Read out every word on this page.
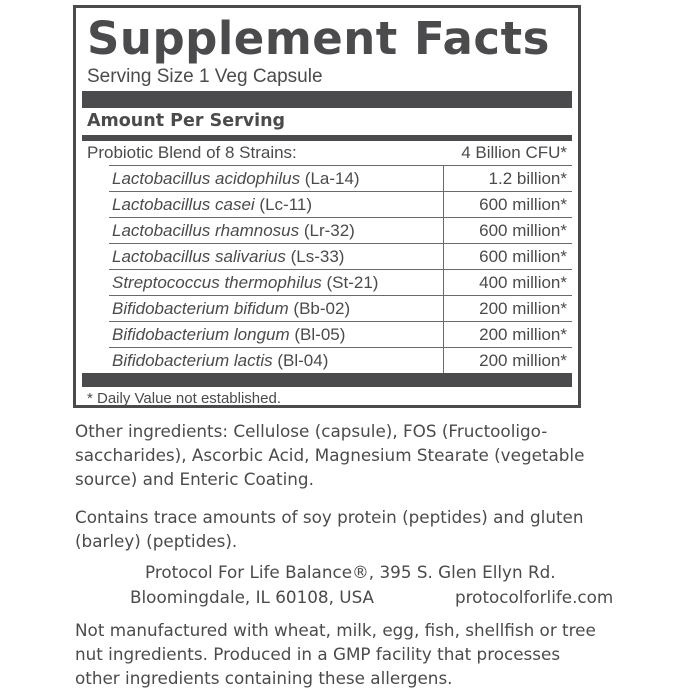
Supplement Facts
Serving Size 1 Veg Capsule
Amount Per Serving
Probiotic Blend of 8 Strains:	4 Billion CFU*
Lactobacillus acidophilus (La-14)	1.2 billion*
Lactobacillus casei (Lc-11)	600 million*
Lactobacillus rhamnosus (Lr-32)	600 million*
Lactobacillus salivarius (Ls-33)	600 million*
Streptococcus thermophilus (St-21)	400 million*
Bifidobacterium bifidum (Bb-02)	200 million*
Bifidobacterium longum (Bl-05)	200 million*
Bifidobacterium lactis (Bl-04)	200 million*
* Daily Value not established.

Other ingredients: Cellulose (capsule), FOS (Fructooligo-
saccharides), Ascorbic Acid, Magnesium Stearate (vegetable
source) and Enteric Coating.

Contains trace amounts of soy protein (peptides) and gluten
(barley) (peptides).

Protocol For Life Balance®, 395 S. Glen Ellyn Rd.
Bloomingdale, IL 60108, USA	protocolforlife.com

Not manufactured with wheat, milk, egg, fish, shellfish or tree
nut ingredients. Produced in a GMP facility that processes
other ingredients containing these allergens.
